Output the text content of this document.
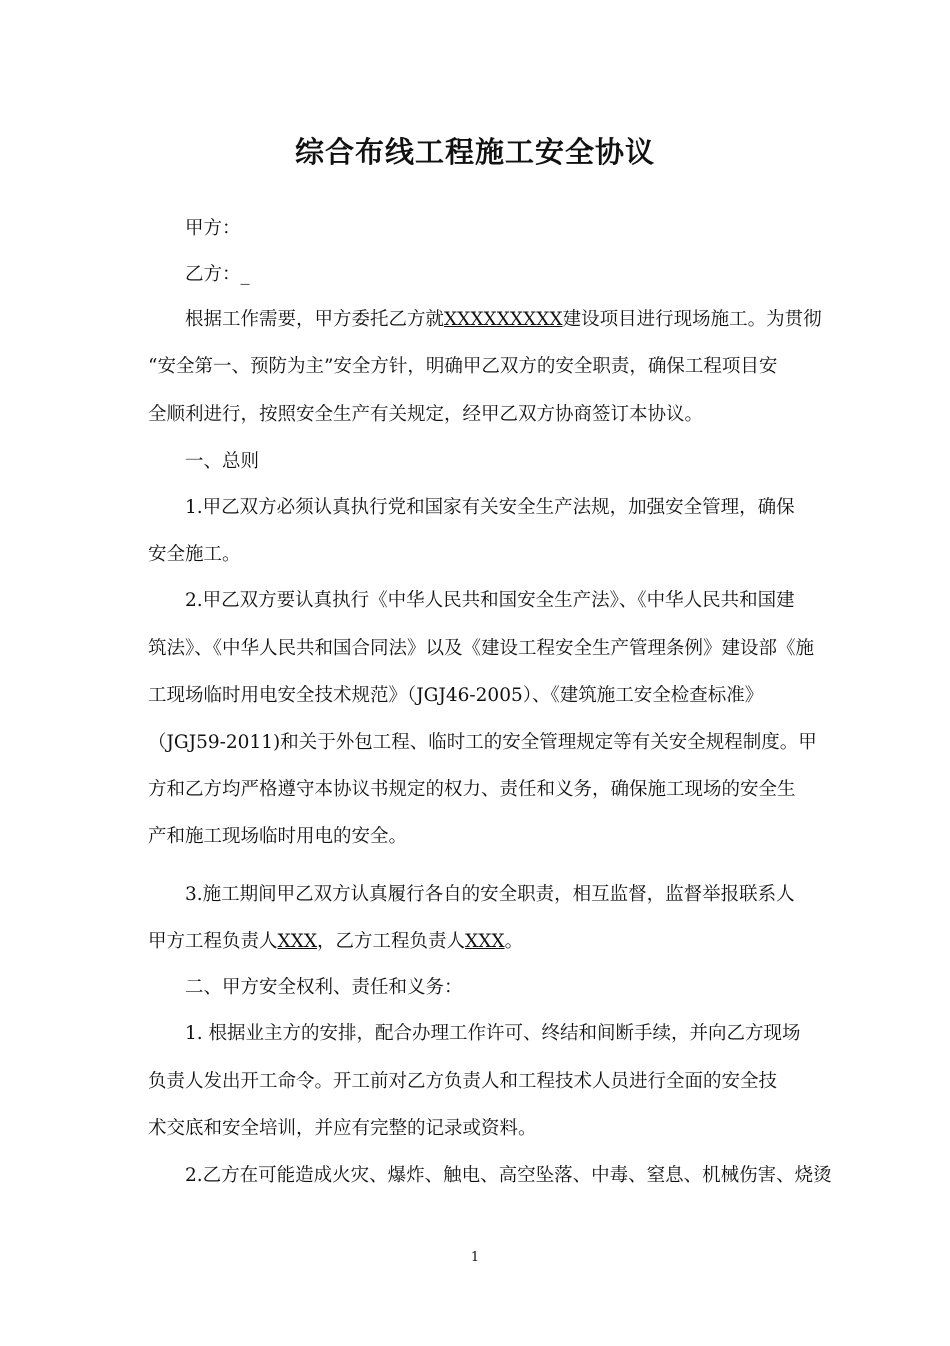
综合布线工程施工安全协议
甲方：
乙方：_
根据工作需要，甲方委托乙方就XXXXXXXXX建设项目进行现场施工。为贯彻
“安全第一、预防为主”安全方针，明确甲乙双方的安全职责，确保工程项目安
全顺利进行，按照安全生产有关规定，经甲乙双方协商签订本协议。
一、总则
1.甲乙双方必须认真执行党和国家有关安全生产法规，加强安全管理，确保
安全施工。
2.甲乙双方要认真执行《中华人民共和国安全生产法》、《中华人民共和国建
筑法》、《中华人民共和国合同法》以及《建设工程安全生产管理条例》建设部《施
工现场临时用电安全技术规范》（JGJ46-2005）、《建筑施工安全检查标准》
（JGJ59-2011)和关于外包工程、临时工的安全管理规定等有关安全规程制度。甲
方和乙方均严格遵守本协议书规定的权力、责任和义务，确保施工现场的安全生
产和施工现场临时用电的安全。
3.施工期间甲乙双方认真履行各自的安全职责，相互监督，监督举报联系人
甲方工程负责人XXX，乙方工程负责人XXX。
二、甲方安全权利、责任和义务：
1. 根据业主方的安排，配合办理工作许可、终结和间断手续，并向乙方现场
负责人发出开工命令。开工前对乙方负责人和工程技术人员进行全面的安全技
术交底和安全培训，并应有完整的记录或资料。
2.乙方在可能造成火灾、爆炸、触电、高空坠落、中毒、窒息、机械伤害、烧烫
1
